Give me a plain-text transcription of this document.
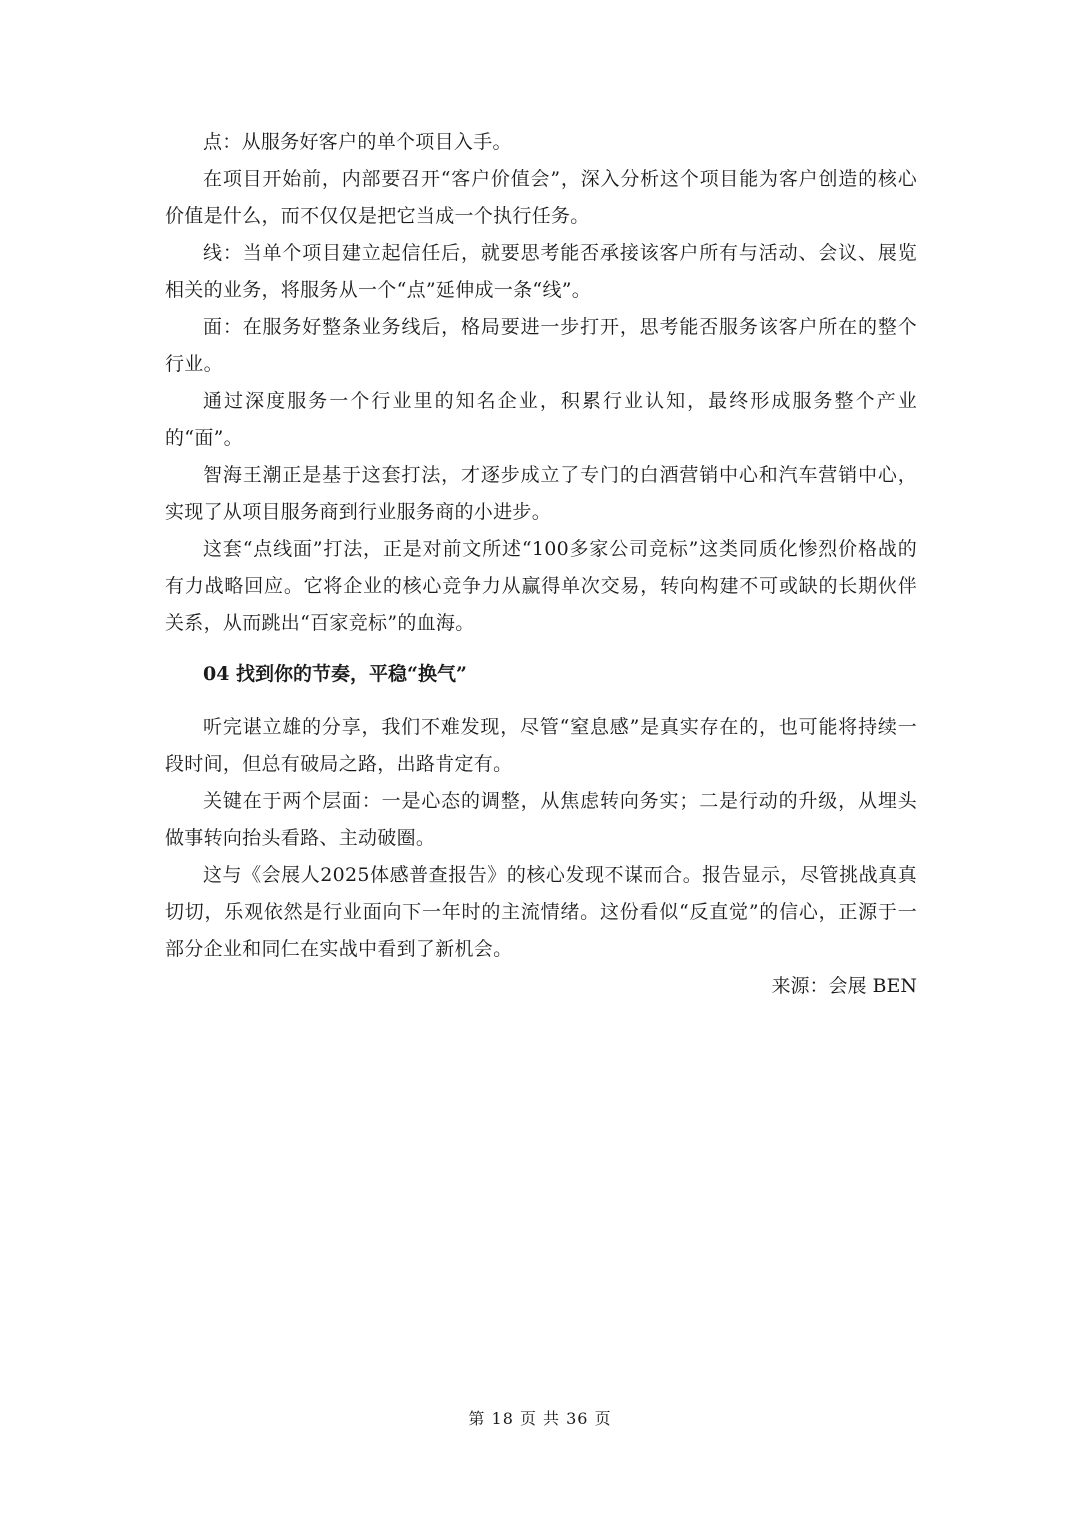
点：从服务好客户的单个项目入手。

在项目开始前，内部要召开“客户价值会”，深入分析这个项目能为客户创造的核心价值是什么，而不仅仅是把它当成一个执行任务。

线：当单个项目建立起信任后，就要思考能否承接该客户所有与活动、会议、展览相关的业务，将服务从一个“点”延伸成一条“线”。

面：在服务好整条业务线后，格局要进一步打开，思考能否服务该客户所在的整个行业。

通过深度服务一个行业里的知名企业，积累行业认知，最终形成服务整个产业的“面”。

智海王潮正是基于这套打法，才逐步成立了专门的白酒营销中心和汽车营销中心，实现了从项目服务商到行业服务商的小进步。

这套“点线面”打法，正是对前文所述“100多家公司竞标”这类同质化惨烈价格战的有力战略回应。它将企业的核心竞争力从赢得单次交易，转向构建不可或缺的长期伙伴关系，从而跳出“百家竞标”的血海。

04 找到你的节奏，平稳“换气”

听完谌立雄的分享，我们不难发现，尽管“窒息感”是真实存在的，也可能将持续一段时间，但总有破局之路，出路肯定有。

关键在于两个层面：一是心态的调整，从焦虑转向务实；二是行动的升级，从埋头做事转向抬头看路、主动破圈。

这与《会展人2025体感普查报告》的核心发现不谋而合。报告显示，尽管挑战真真切切，乐观依然是行业面向下一年时的主流情绪。这份看似“反直觉”的信心，正源于一部分企业和同仁在实战中看到了新机会。

来源：会展 BEN

第 18 页 共 36 页
